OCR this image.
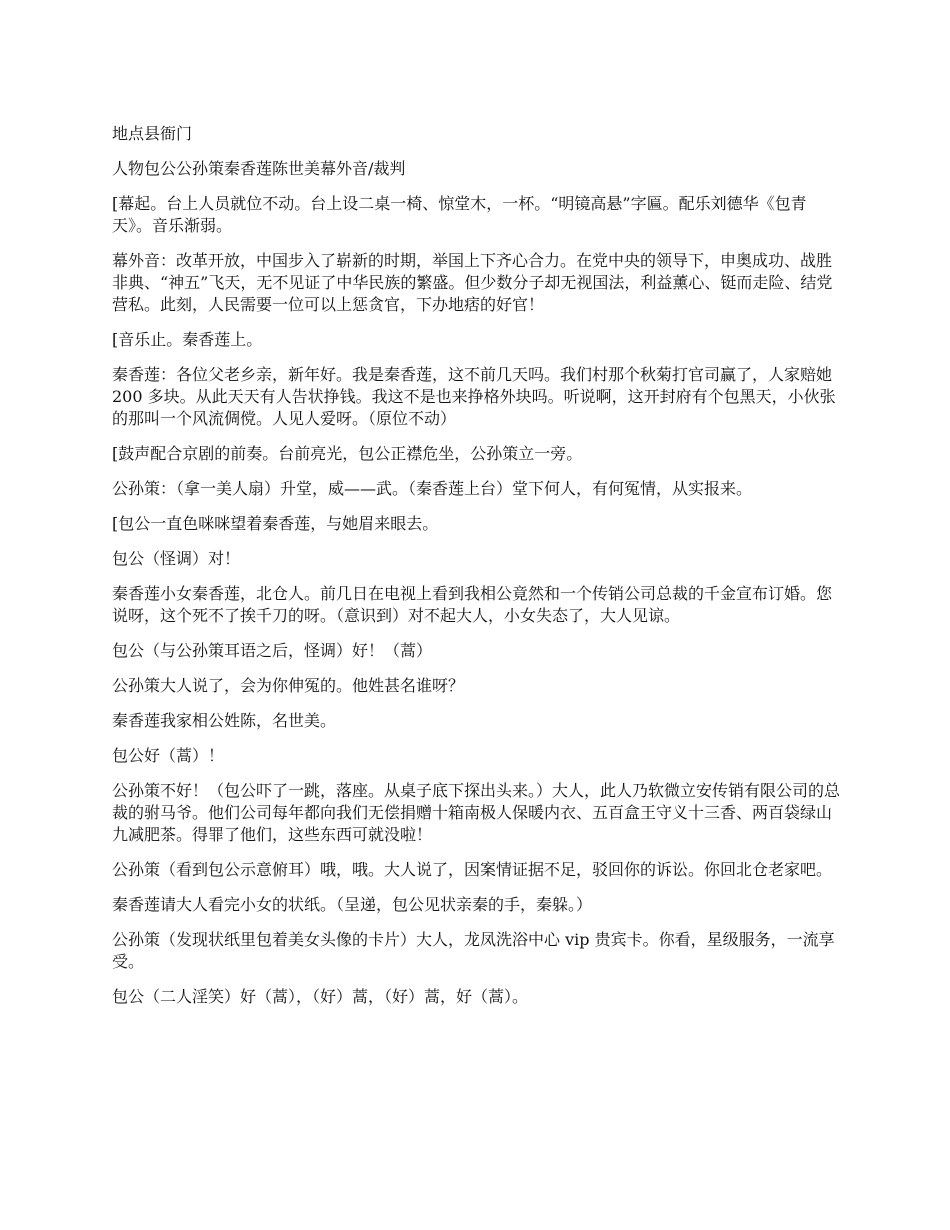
地点县衙门

人物包公公孙策秦香莲陈世美幕外音/裁判

[幕起。台上人员就位不动。台上设二桌一椅、惊堂木，一杯。“明镜高悬”字匾。配乐刘德华《包青天》。音乐渐弱。

幕外音：改革开放，中国步入了崭新的时期，举国上下齐心合力。在党中央的领导下，申奥成功、战胜非典、“神五”飞天，无不见证了中华民族的繁盛。但少数分子却无视国法，利益薰心、铤而走险、结党营私。此刻，人民需要一位可以上惩贪官，下办地痞的好官！

[音乐止。秦香莲上。

秦香莲：各位父老乡亲，新年好。我是秦香莲，这不前几天吗。我们村那个秋菊打官司赢了，人家赔她 200 多块。从此天天有人告状挣钱。我这不是也来挣格外块吗。听说啊，这开封府有个包黑天，小伙张的那叫一个风流倜傥。人见人爱呀。（原位不动）

[鼓声配合京剧的前奏。台前亮光，包公正襟危坐，公孙策立一旁。

公孙策：（拿一美人扇）升堂，威——武。（秦香莲上台）堂下何人，有何冤情，从实报来。

[包公一直色咪咪望着秦香莲，与她眉来眼去。

包公（怪调）对！

秦香莲小女秦香莲，北仓人。前几日在电视上看到我相公竟然和一个传销公司总裁的千金宣布订婚。您说呀，这个死不了挨千刀的呀。（意识到）对不起大人，小女失态了，大人见谅。

包公（与公孙策耳语之后，怪调）好！（蒿）

公孙策大人说了，会为你伸冤的。他姓甚名谁呀？

秦香莲我家相公姓陈，名世美。

包公好（蒿）！

公孙策不好！（包公吓了一跳，落座。从桌子底下探出头来。）大人，此人乃软微立安传销有限公司的总裁的驸马爷。他们公司每年都向我们无偿捐赠十箱南极人保暖内衣、五百盒王守义十三香、两百袋绿山九减肥茶。得罪了他们，这些东西可就没啦！

公孙策（看到包公示意俯耳）哦，哦。大人说了，因案情证据不足，驳回你的诉讼。你回北仓老家吧。

秦香莲请大人看完小女的状纸。（呈递，包公见状亲秦的手，秦躲。）

公孙策（发现状纸里包着美女头像的卡片）大人，龙凤洗浴中心 vip 贵宾卡。你看，星级服务，一流享受。

包公（二人淫笑）好（蒿），（好）蒿，（好）蒿，好（蒿）。
